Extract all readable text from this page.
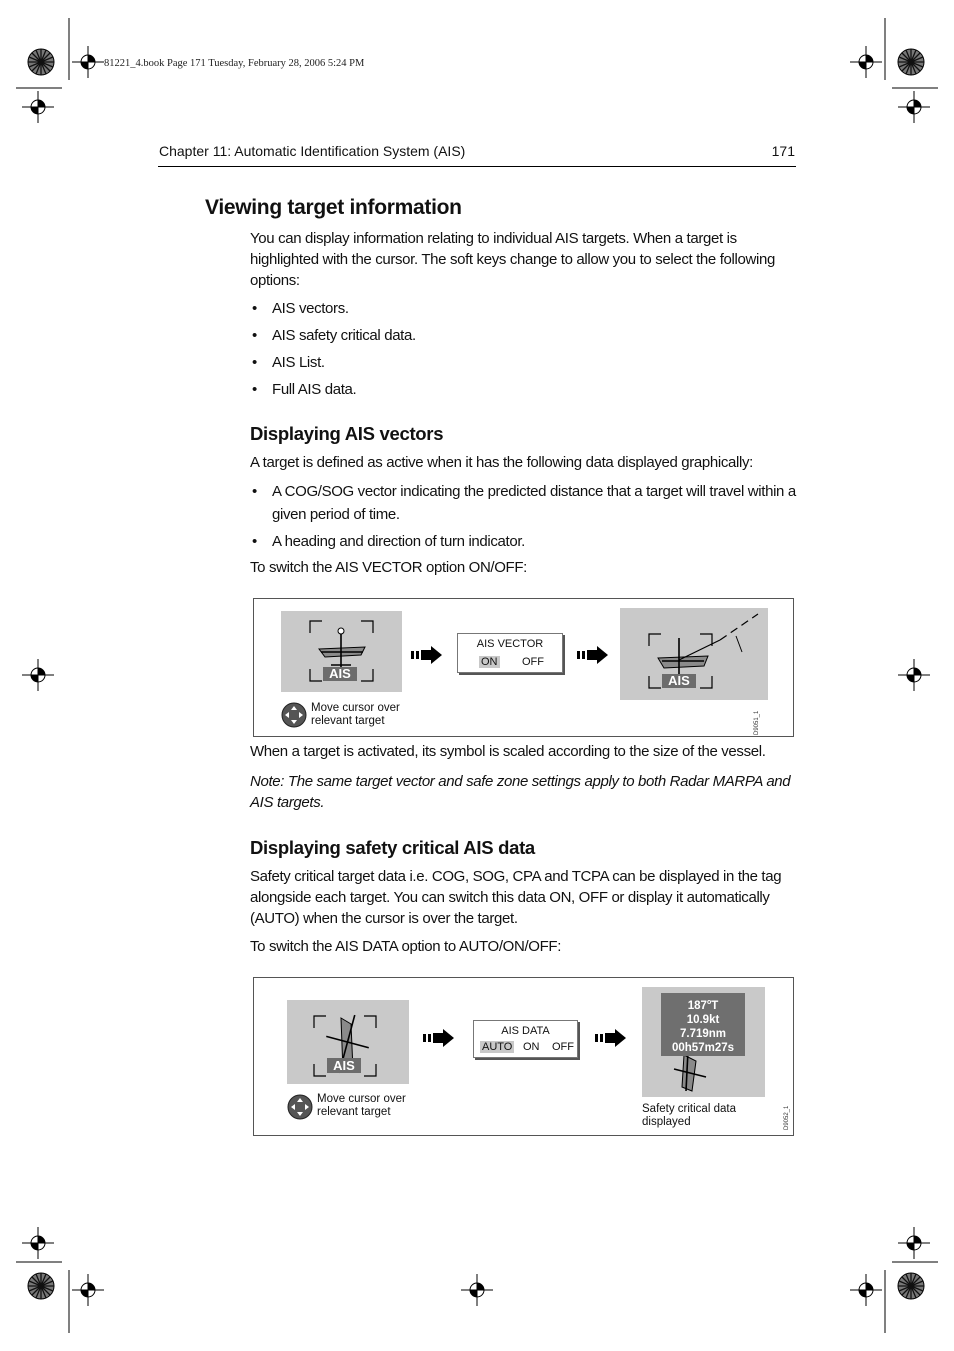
81221_4.book Page 171 Tuesday, February 28, 2006 5:24 PM
Chapter 11: Automatic Identification System (AIS)	171
Viewing target information

You can display information relating to individual AIS targets. When a target is highlighted with the cursor. The soft keys change to allow you to select the following options:

• AIS vectors.
• AIS safety critical data.
• AIS List.
• Full AIS data.
Displaying AIS vectors

A target is defined as active when it has the following data displayed graphically:

• A COG/SOG vector indicating the predicted distance that a target will travel within a given period of time.
• A heading and direction of turn indicator.

To switch the AIS VECTOR option ON/OFF:

AIS
AIS VECTOR
ON OFF
AIS
Move cursor over
relevant target	D9051_1

When a target is activated, its symbol is scaled according to the size of the vessel.

Note: The same target vector and safe zone settings apply to both Radar MARPA and AIS targets.

Displaying safety critical AIS data

Safety critical target data i.e. COG, SOG, CPA and TCPA can be displayed in the tag alongside each target. You can switch this data ON, OFF or display it automatically (AUTO) when the cursor is over the target.

To switch the AIS DATA option to AUTO/ON/OFF:

AIS
AIS DATA
AUTO ON OFF
187$^o$T
10.9kt
7.719nm
00h57m27s
Move cursor over
relevant target	Safety critical data
displayed	D9052_1
